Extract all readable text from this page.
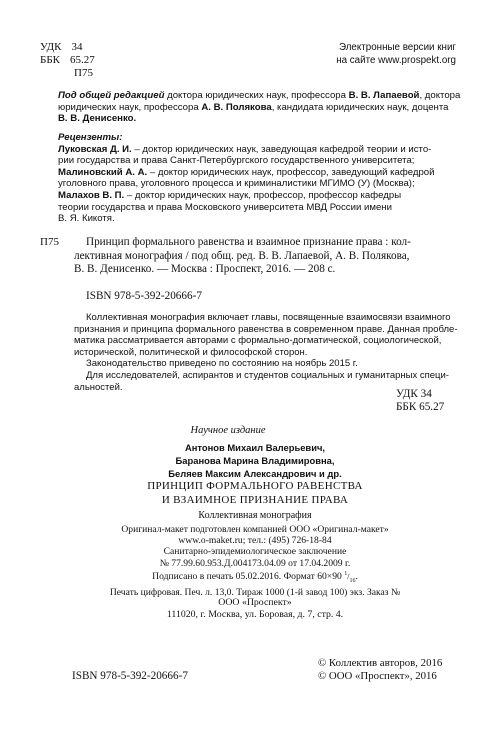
УДК 34
ББК 65.27
П75
Электронные версии книг
на сайте www.prospekt.org
Под общей редакцией доктора юридических наук, профессора В. В. Лапаевой, доктора
юридических наук, профессора А. В. Полякова, кандидата юридических наук, доцента
В. В. Денисенко.
Рецензенты:
Луковская Д. И. – доктор юридических наук, заведующая кафедрой теории и исто-
рии государства и права Санкт-Петербургского государственного университета;
Малиновский А. А. – доктор юридических наук, профессор, заведующий кафедрой
уголовного права, уголовного процесса и криминалистики МГИМО (У) (Москва);
Малахов В. П. – доктор юридических наук, профессор, профессор кафедры
теории государства и права Московского университета МВД России имени
В. Я. Кикотя.
П75	Принцип формального равенства и взаимное признание права : кол-
лективная монография / под общ. ред. В. В. Лапаевой, А. В. Полякова,
В. В. Денисенко. — Москва : Проспект, 2016. — 208 с.
ISBN 978-5-392-20666-7
Коллективная монография включает главы, посвященные взаимосвязи взаимного
признания и принципа формального равенства в современном праве. Данная пробле-
матика рассматривается авторами с формально-догматической, социологической,
исторической, политической и философской сторон.
Законодательство приведено по состоянию на ноябрь 2015 г.
Для исследователей, аспирантов и студентов социальных и гуманитарных специ-
альностей.
УДК 34
ББК 65.27
Научное издание
Антонов Михаил Валерьевич,
Баранова Марина Владимировна,
Беляев Максим Александрович и др.
ПРИНЦИП ФОРМАЛЬНОГО РАВЕНСТВА
И ВЗАИМНОЕ ПРИЗНАНИЕ ПРАВА
Коллективная монография
Оригинал-макет подготовлен компанией ООО «Оригинал-макет»
www.o-maket.ru; тел.: (495) 726-18-84
Санитарно-эпидемиологическое заключение
№ 77.99.60.953.Д.004173.04.09 от 17.04.2009 г.
Подписано в печать 05.02.2016. Формат 60×90 $^1/_{16}$.
Печать цифровая. Печ. л. 13,0. Тираж 1000 (1-й завод 100) экз. Заказ №
ООО «Проспект»
111020, г. Москва, ул. Боровая, д. 7, стр. 4.
ISBN 978-5-392-20666-7
© Коллектив авторов, 2016
© ООО «Проспект», 2016
